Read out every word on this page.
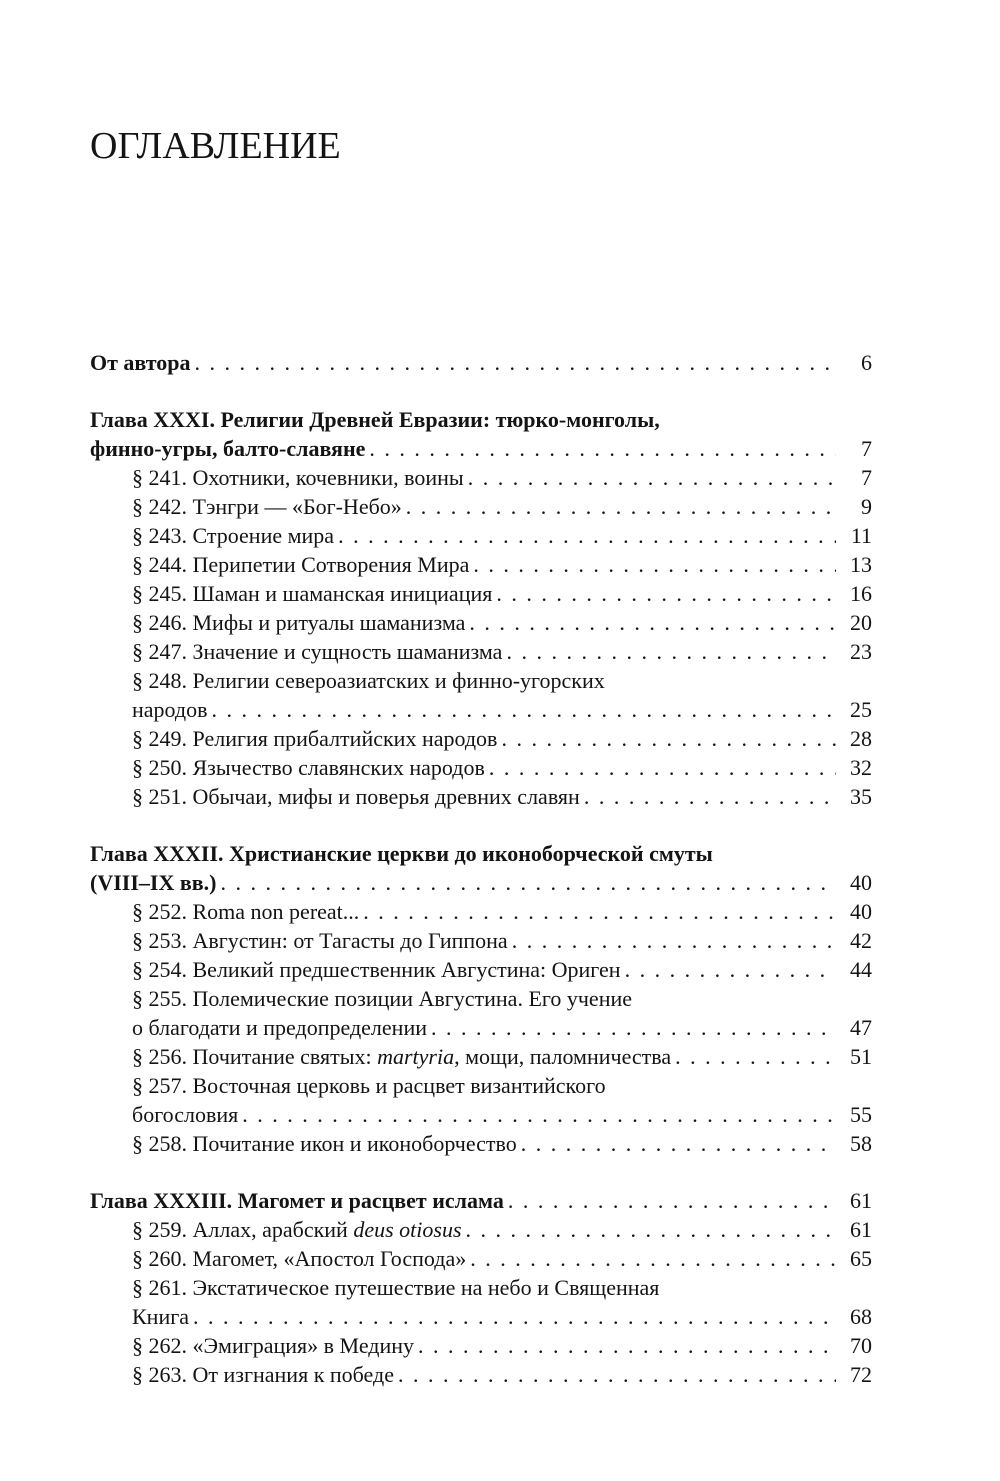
ОГЛАВЛЕНИЕ
От автора . . .	6
Глава XXXI. Религии Древней Евразии: тюрко-монголы,
финно-угры, балто-славяне . . .	7
§ 241. Охотники, кочевники, воины . . .	7
§ 242. Тэнгри — «Бог-Небо» . . .	9
§ 243. Строение мира . . .	11
§ 244. Перипетии Сотворения Мира . . .	13
§ 245. Шаман и шаманская инициация . . .	16
§ 246. Мифы и ритуалы шаманизма . . .	20
§ 247. Значение и сущность шаманизма . . .	23
§ 248. Религии североазиатских и финно-угорских
народов . . .	25
§ 249. Религия прибалтийских народов . . .	28
§ 250. Язычество славянских народов . . .	32
§ 251. Обычаи, мифы и поверья древних славян . . .	35
Глава XXXII. Христианские церкви до иконоборческой смуты
(VIII–IX вв.) . . .	40
§ 252. Roma non pereat... . . .	40
§ 253. Августин: от Тагасты до Гиппона . . .	42
§ 254. Великий предшественник Августина: Ориген . . .	44
§ 255. Полемические позиции Августина. Его учение
о благодати и предопределении . . .	47
§ 256. Почитание святых: martyria, мощи, паломничества . . .	51
§ 257. Восточная церковь и расцвет византийского
богословия . . .	55
§ 258. Почитание икон и иконоборчество . . .	58
Глава XXXIII. Магомет и расцвет ислама . . .	61
§ 259. Аллах, арабский deus otiosus . . .	61
§ 260. Магомет, «Апостол Господа» . . .	65
§ 261. Экстатическое путешествие на небо и Священная
Книга . . .	68
§ 262. «Эмиграция» в Медину . . .	70
§ 263. От изгнания к победе . . .	72
